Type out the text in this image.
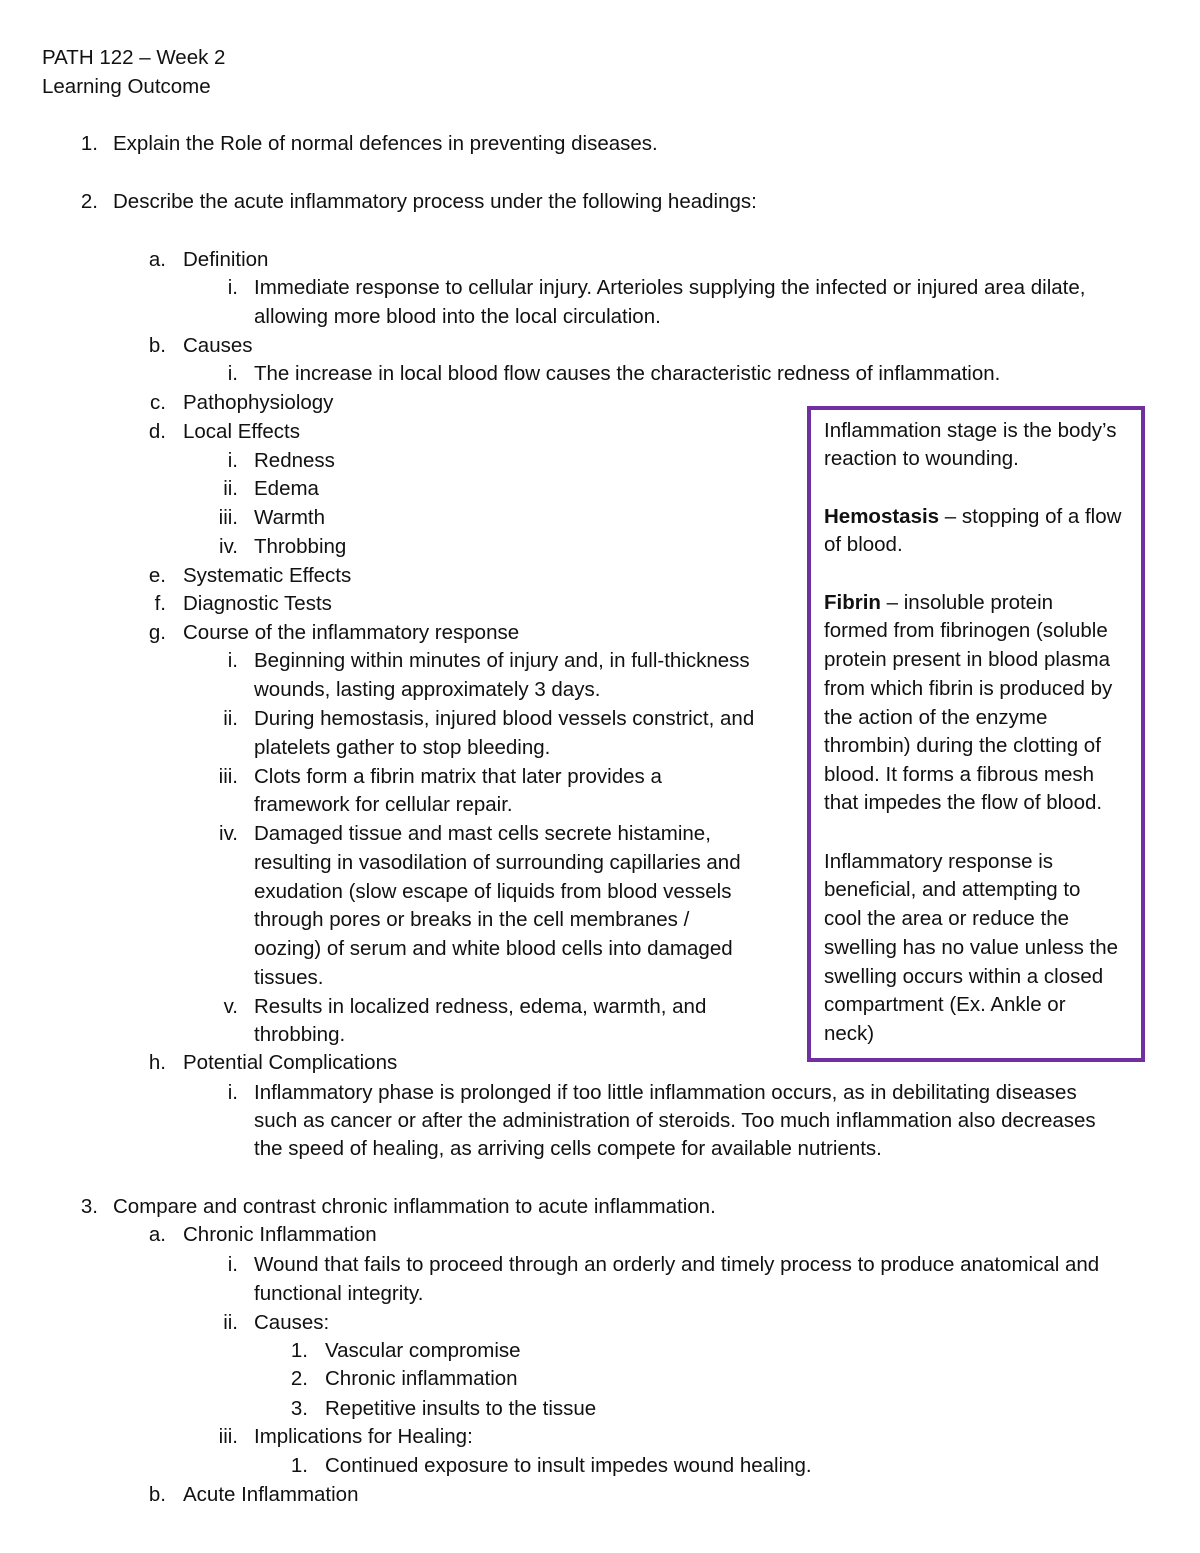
PATH 122 – Week 2
Learning Outcome
1. Explain the Role of normal defences in preventing diseases.
2. Describe the acute inflammatory process under the following headings:
a. Definition
i. Immediate response to cellular injury. Arterioles supplying the infected or injured area dilate,
allowing more blood into the local circulation.
b. Causes
i. The increase in local blood flow causes the characteristic redness of inflammation.
c. Pathophysiology
d. Local Effects
i. Redness
ii. Edema
iii. Warmth
iv. Throbbing
e. Systematic Effects
f. Diagnostic Tests
g. Course of the inflammatory response
i. Beginning within minutes of injury and, in full-thickness
wounds, lasting approximately 3 days.
ii. During hemostasis, injured blood vessels constrict, and
platelets gather to stop bleeding.
iii. Clots form a fibrin matrix that later provides a
framework for cellular repair.
iv. Damaged tissue and mast cells secrete histamine,
resulting in vasodilation of surrounding capillaries and
exudation (slow escape of liquids from blood vessels
through pores or breaks in the cell membranes /
oozing) of serum and white blood cells into damaged
tissues.
v. Results in localized redness, edema, warmth, and
throbbing.
h. Potential Complications
i. Inflammatory phase is prolonged if too little inflammation occurs, as in debilitating diseases
such as cancer or after the administration of steroids. Too much inflammation also decreases
the speed of healing, as arriving cells compete for available nutrients.
3. Compare and contrast chronic inflammation to acute inflammation.
a. Chronic Inflammation
i. Wound that fails to proceed through an orderly and timely process to produce anatomical and
functional integrity.
ii. Causes:
1. Vascular compromise
2. Chronic inflammation
3. Repetitive insults to the tissue
iii. Implications for Healing:
1. Continued exposure to insult impedes wound healing.
b. Acute Inflammation
Inflammation stage is the body’s
reaction to wounding.
Hemostasis – stopping of a flow
of blood.
Fibrin – insoluble protein
formed from fibrinogen (soluble
protein present in blood plasma
from which fibrin is produced by
the action of the enzyme
thrombin) during the clotting of
blood. It forms a fibrous mesh
that impedes the flow of blood.
Inflammatory response is
beneficial, and attempting to
cool the area or reduce the
swelling has no value unless the
swelling occurs within a closed
compartment (Ex. Ankle or
neck)
